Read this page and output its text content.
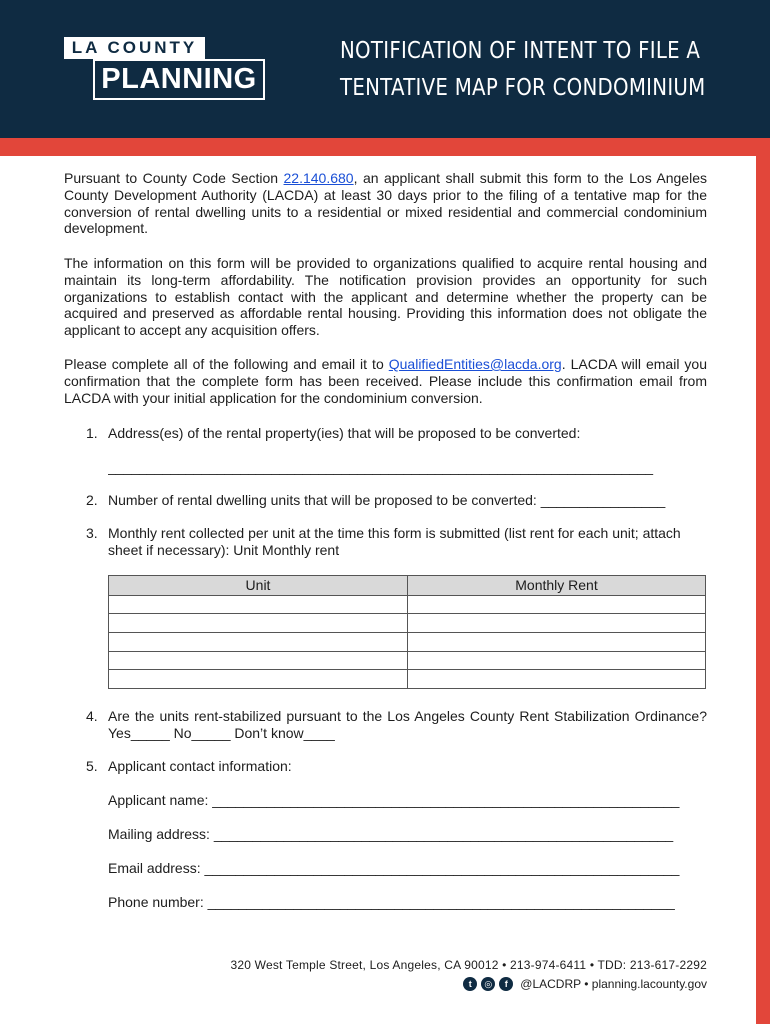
LA COUNTY
PLANNING
NOTIFICATION OF INTENT TO FILE A
TENTATIVE MAP FOR CONDOMINIUM

Pursuant to County Code Section 22.140.680, an applicant shall submit this form to the Los Angeles County Development Authority (LACDA) at least 30 days prior to the filing of a tentative map for the conversion of rental dwelling units to a residential or mixed residential and commercial condominium development.

The information on this form will be provided to organizations qualified to acquire rental housing and maintain its long-term affordability. The notification provision provides an opportunity for such organizations to establish contact with the applicant and determine whether the property can be acquired and preserved as affordable rental housing. Providing this information does not obligate the applicant to accept any acquisition offers.

Please complete all of the following and email it to QualifiedEntities@lacda.org. LACDA will email you confirmation that the complete form has been received. Please include this confirmation email from LACDA with your initial application for the condominium conversion.

1. Address(es) of the rental property(ies) that will be proposed to be converted:
______________________________________________________________________
2. Number of rental dwelling units that will be proposed to be converted: ________________
3. Monthly rent collected per unit at the time this form is submitted (list rent for each unit; attach sheet if necessary): Unit Monthly rent
Unit	Monthly Rent

4. Are the units rent-stabilized pursuant to the Los Angeles County Rent Stabilization Ordinance? Yes_____ No_____ Don’t know____
5. Applicant contact information:
Applicant name: ____________________________________________________________
Mailing address: ___________________________________________________________
Email address: _____________________________________________________________
Phone number: ____________________________________________________________
320 West Temple Street, Los Angeles, CA 90012 • 213-974-6411 • TDD: 213-617-2292
t	◎	f	@LACDRP • planning.lacounty.gov
